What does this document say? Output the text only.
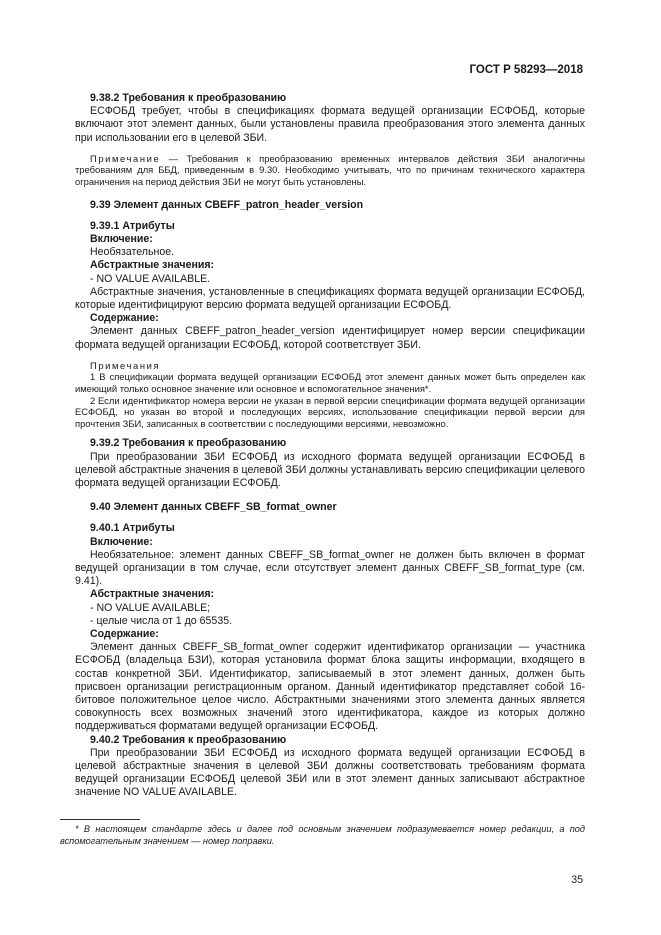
ГОСТ Р 58293—2018

9.38.2 Требования к преобразованию

ЕСФОБД требует, чтобы в спецификациях формата ведущей организации ЕСФОБД, которые включают этот элемент данных, были установлены правила преобразования этого элемента данных при использовании его в целевой ЗБИ.

Примечание — Требования к преобразованию временных интервалов действия ЗБИ аналогичны требованиям для ББД, приведенным в 9.30. Необходимо учитывать, что по причинам технического характера ограничения на период действия ЗБИ не могут быть установлены.

9.39 Элемент данных CBEFF_patron_header_version

9.39.1 Атрибуты

Включение:

Необязательное.

Абстрактные значения:

- NO VALUE AVAILABLE.

Абстрактные значения, установленные в спецификациях формата ведущей организации ЕСФОБД, которые идентифицируют версию формата ведущей организации ЕСФОБД.

Содержание:

Элемент данных CBEFF_patron_header_version идентифицирует номер версии спецификации формата ведущей организации ЕСФОБД, которой соответствует ЗБИ.

Примечания

1 В спецификации формата ведущей организации ЕСФОБД этот элемент данных может быть определен как имеющий только основное значение или основное и вспомогательное значения*.

2 Если идентификатор номера версии не указан в первой версии спецификации формата ведущей организации ЕСФОБД, но указан во второй и последующих версиях, использование спецификации первой версии для прочтения ЗБИ, записанных в соответствии с последующими версиями, невозможно.

9.39.2 Требования к преобразованию

При преобразовании ЗБИ ЕСФОБД из исходного формата ведущей организации ЕСФОБД в целевой абстрактные значения в целевой ЗБИ должны устанавливать версию спецификации целевого формата ведущей организации ЕСФОБД.

9.40 Элемент данных CBEFF_SB_format_owner

9.40.1 Атрибуты

Включение:

Необязательное: элемент данных CBEFF_SB_format_owner не должен быть включен в формат ведущей организации в том случае, если отсутствует элемент данных CBEFF_SB_format_type (см. 9.41).

Абстрактные значения:

- NO VALUE AVAILABLE;

- целые числа от 1 до 65535.

Содержание:

Элемент данных CBEFF_SB_format_owner содержит идентификатор организации — участника ЕСФОБД (владельца БЗИ), которая установила формат блока защиты информации, входящего в состав конкретной ЗБИ. Идентификатор, записываемый в этот элемент данных, должен быть присвоен организации регистрационным органом. Данный идентификатор представляет собой 16-битовое положительное целое число. Абстрактными значениями этого элемента данных является совокупность всех возможных значений этого идентификатора, каждое из которых должно поддерживаться форматами ведущей организации ЕСФОБД.

9.40.2 Требования к преобразованию

При преобразовании ЗБИ ЕСФОБД из исходного формата ведущей организации ЕСФОБД в целевой абстрактные значения в целевой ЗБИ должны соответствовать требованиям формата ведущей организации ЕСФОБД целевой ЗБИ или в этот элемент данных записывают абстрактное значение NO VALUE AVAILABLE.

* В настоящем стандарте здесь и далее под основным значением подразумевается номер редакции, а под вспомогательным значением — номер поправки.
35
